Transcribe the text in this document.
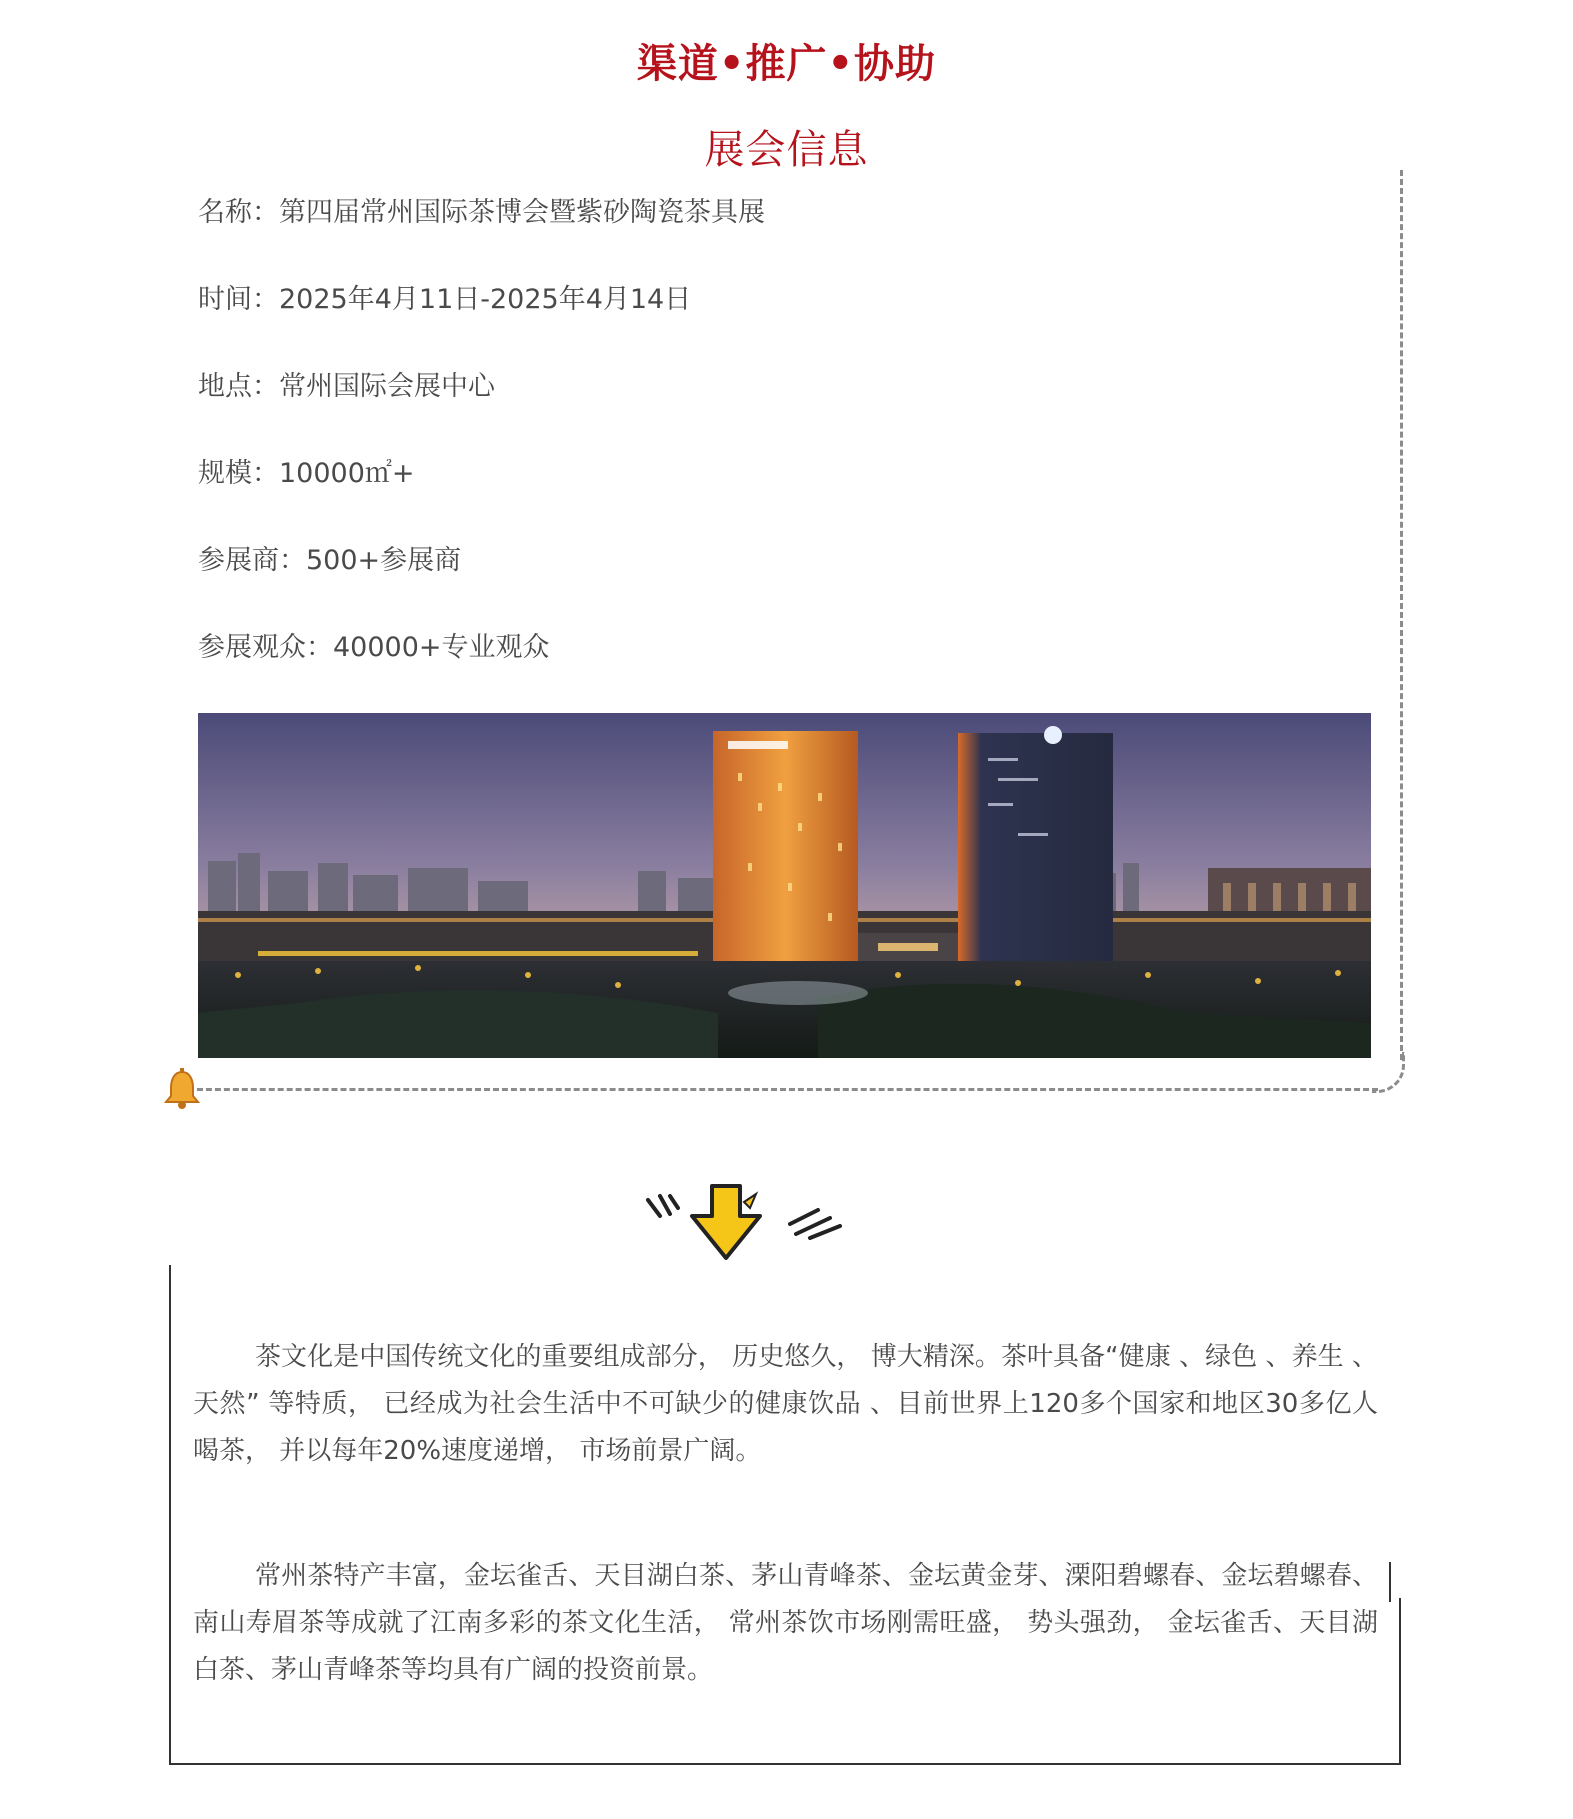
渠道•推广•协助
展会信息
名称：第四届常州国际茶博会暨紫砂陶瓷茶具展
时间：2025年4月11日-2025年4月14日
地点：常州国际会展中心
规模：10000㎡+
参展商：500+参展商
参展观众：40000+专业观众
茶文化是中国传统文化的重要组成部分， 历史悠久， 博大精深。茶叶具备“健康 、绿色 、养生 、天然” 等特质， 已经成为社会生活中不可缺少的健康饮品 、目前世界上120多个国家和地区30多亿人喝茶， 并以每年20%速度递增， 市场前景广阔。
常州茶特产丰富，金坛雀舌、天目湖白茶、茅山青峰茶、金坛黄金芽、溧阳碧螺春、金坛碧螺春、南山寿眉茶等成就了江南多彩的茶文化生活， 常州茶饮市场刚需旺盛， 势头强劲， 金坛雀舌、天目湖白茶、茅山青峰茶等均具有广阔的投资前景。
